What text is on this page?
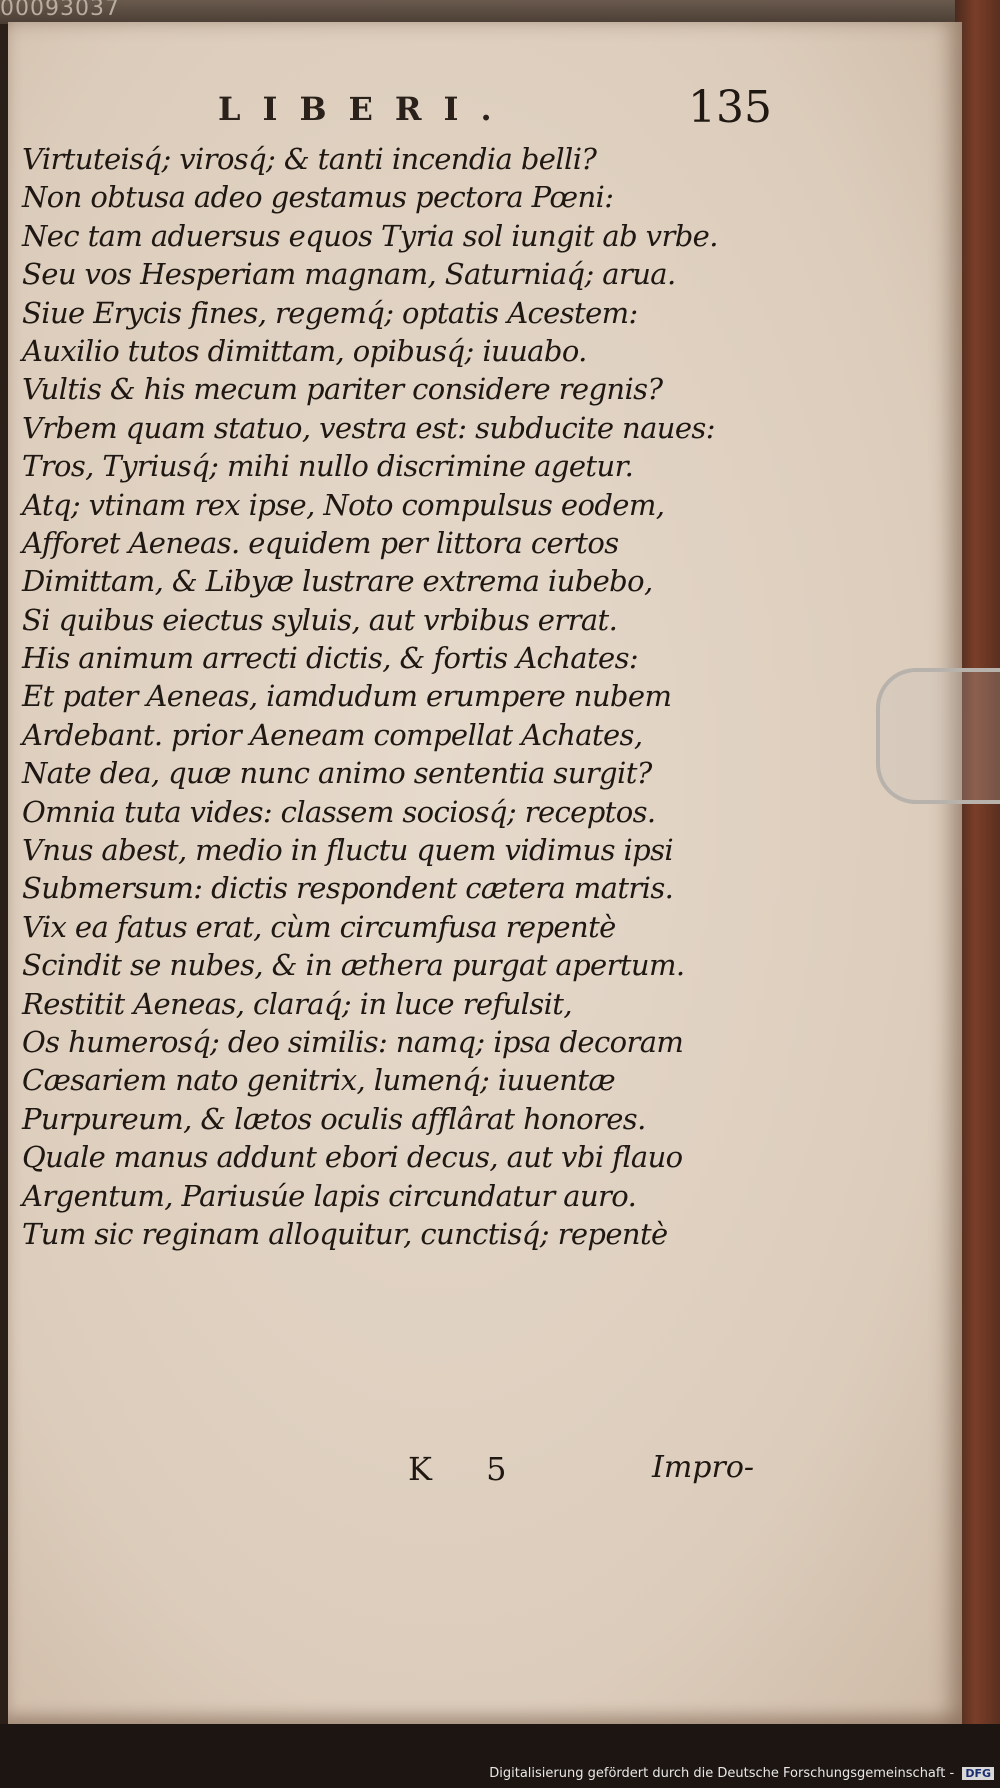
00093037
LIBERI.	135
Virtuteisq́; virosq́; & tanti incendia belli?
Non obtusa adeo gestamus pectora Pœni:
Nec tam aduersus equos Tyria sol iungit ab vrbe.
Seu vos Hesperiam magnam, Saturniaq́; arua.
Siue Erycis fines, regemq́; optatis Acestem:
Auxilio tutos dimittam, opibusq́; iuuabo.
Vultis & his mecum pariter considere regnis?
Vrbem quam statuo, vestra est: subducite naues:
Tros, Tyriusq́; mihi nullo discrimine agetur.
Atq; vtinam rex ipse, Noto compulsus eodem,
Afforet Aeneas. equidem per littora certos
Dimittam, & Libyæ lustrare extrema iubebo,
Si quibus eiectus syluis, aut vrbibus errat.
His animum arrecti dictis, & fortis Achates:
Et pater Aeneas, iamdudum erumpere nubem
Ardebant. prior Aeneam compellat Achates,
Nate dea, quæ nunc animo sententia surgit?
Omnia tuta vides: classem sociosq́; receptos.
Vnus abest, medio in fluctu quem vidimus ipsi
Submersum: dictis respondent cætera matris.
Vix ea fatus erat, cùm circumfusa repentè
Scindit se nubes, & in æthera purgat apertum.
Restitit Aeneas, claraq́; in luce refulsit,
Os humerosq́; deo similis: namq; ipsa decoram
Cæsariem nato genitrix, lumenq́; iuuentæ
Purpureum, & lætos oculis afflârat honores.
Quale manus addunt ebori decus, aut vbi flauo
Argentum, Pariusúe lapis circundatur auro.
Tum sic reginam alloquitur, cunctisq́; repentè
K 5	Impro-
Digitalisierung gefördert durch die Deutsche Forschungsgemeinschaft - DFG
